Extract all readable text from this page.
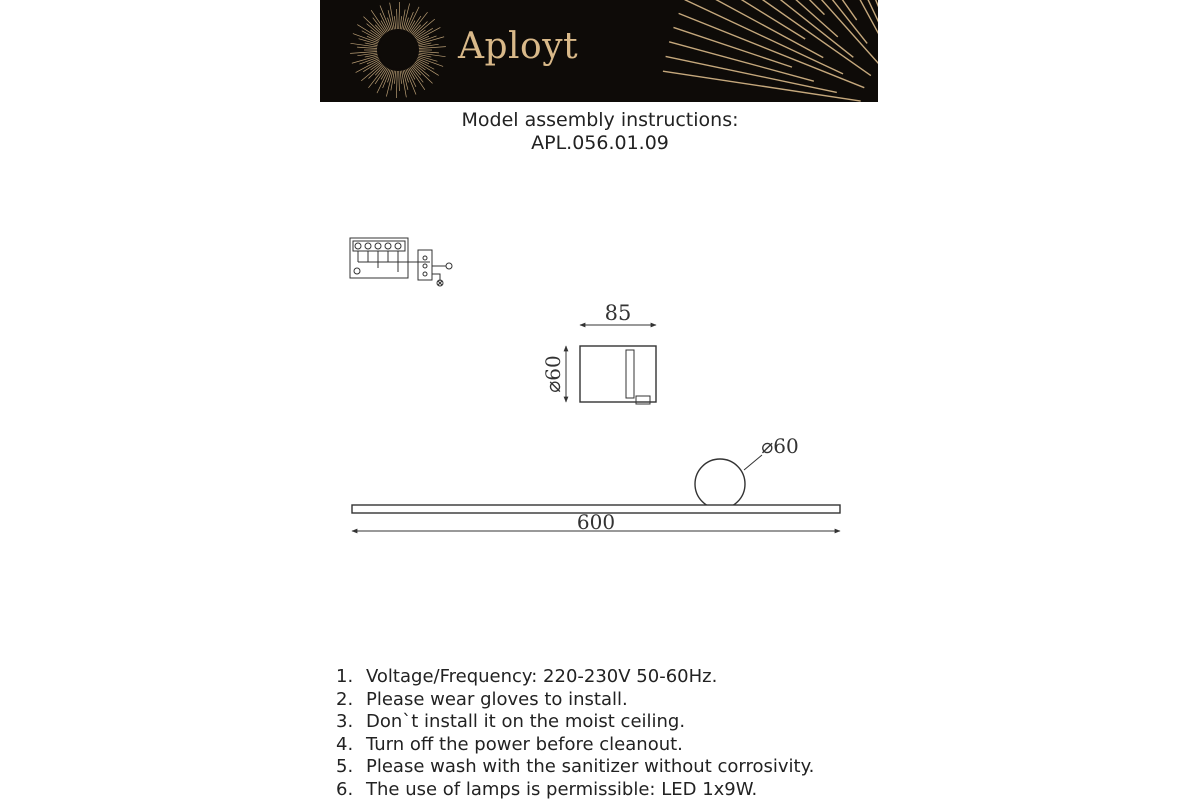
Aployt
Model assembly instructions:
APL.056.01.09
85
⌀60
⌀60
600
1. Voltage/Frequency: 220-230V 50-60Hz.
2. Please wear gloves to install.
3. Don`t install it on the moist ceiling.
4. Turn off the power before cleanout.
5. Please wash with the sanitizer without corrosivity.
6. The use of lamps is permissible: LED 1x9W.
